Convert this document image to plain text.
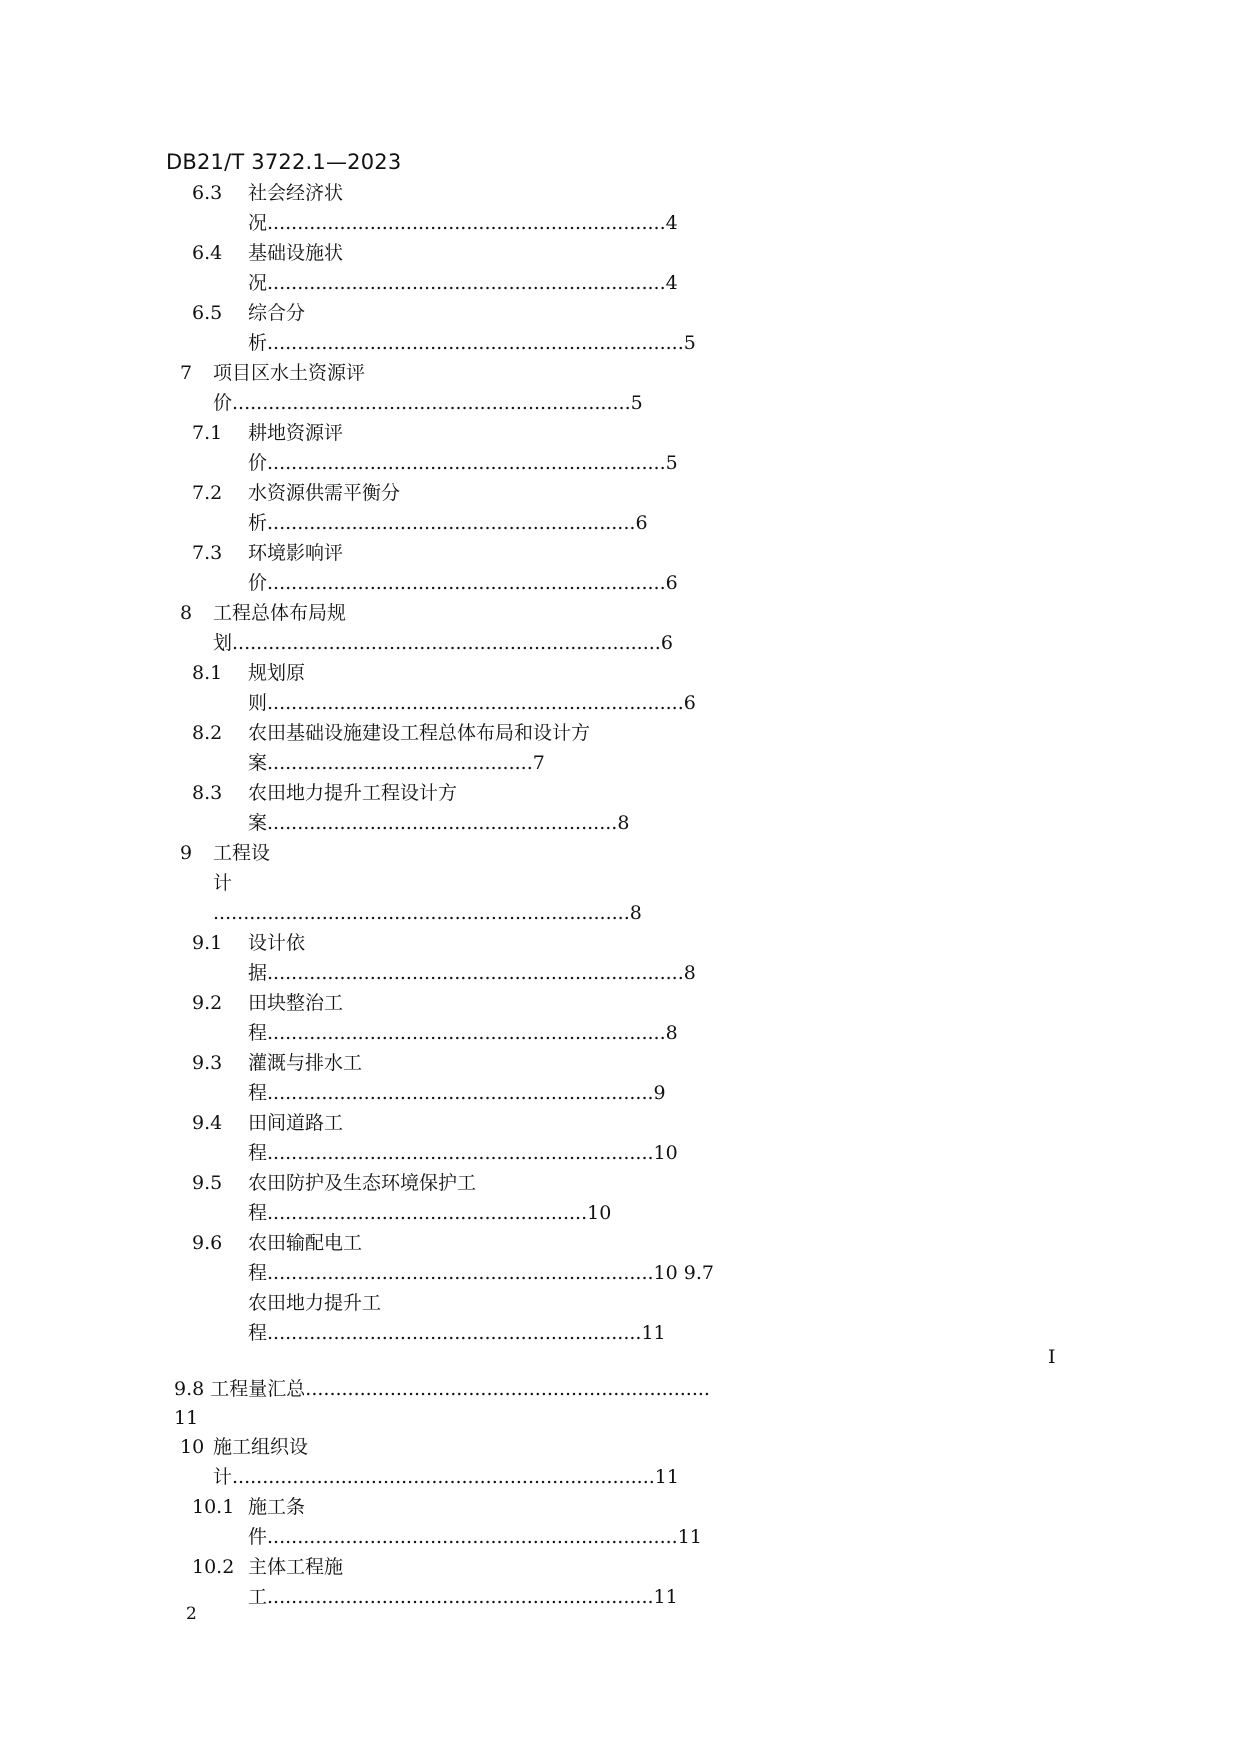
DB21/T 3722.1—2023
6.3 社会经济状
况..................................................................4
6.4 基础设施状
况..................................................................4
6.5 综合分
析.....................................................................5
7 项目区水土资源评
价..................................................................5
7.1 耕地资源评
价..................................................................5
7.2 水资源供需平衡分
析.............................................................6
7.3 环境影响评
价..................................................................6
8 工程总体布局规
划.......................................................................6
8.1 规划原
则.....................................................................6
8.2 农田基础设施建设工程总体布局和设计方
案............................................7
8.3 农田地力提升工程设计方
案..........................................................8
9 工程设
计
.....................................................................8
9.1 设计依
据.....................................................................8
9.2 田块整治工
程..................................................................8
9.3 灌溉与排水工
程................................................................9
9.4 田间道路工
程................................................................10
9.5 农田防护及生态环境保护工
程.....................................................10
9.6 农田输配电工
程................................................................10 9.7
农田地力提升工
程..............................................................11
9.8 工程量汇总...................................................................
11
10 施工组织设
计......................................................................11
10.1 施工条
件....................................................................11
10.2 主体工程施
工................................................................11
I
2
